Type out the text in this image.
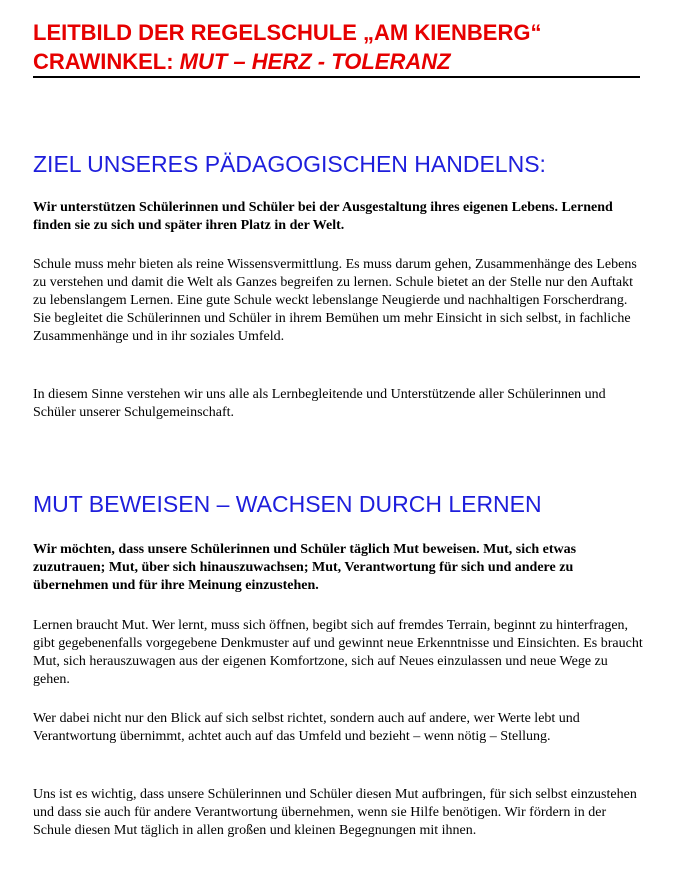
LEITBILD DER REGELSCHULE „AM KIENBERG“
CRAWINKEL: MUT – HERZ - TOLERANZ
ZIEL UNSERES PÄDAGOGISCHEN HANDELNS:
Wir unterstützen Schülerinnen und Schüler bei der Ausgestaltung ihres eigenen Lebens. Lernend finden sie zu sich und später ihren Platz in der Welt.
Schule muss mehr bieten als reine Wissensvermittlung. Es muss darum gehen, Zusammenhänge des Lebens zu verstehen und damit die Welt als Ganzes begreifen zu lernen. Schule bietet an der Stelle nur den Auftakt zu lebenslangem Lernen. Eine gute Schule weckt lebenslange Neugierde und nachhaltigen Forscherdrang. Sie begleitet die Schülerinnen und Schüler in ihrem Bemühen um mehr Einsicht in sich selbst, in fachliche Zusammenhänge und in ihr soziales Umfeld.
In diesem Sinne verstehen wir uns alle als Lernbegleitende und Unterstützende aller Schülerinnen und Schüler unserer Schulgemeinschaft.
MUT BEWEISEN – WACHSEN DURCH LERNEN
Wir möchten, dass unsere Schülerinnen und Schüler täglich Mut beweisen. Mut, sich etwas zuzutrauen; Mut, über sich hinauszuwachsen; Mut, Verantwortung für sich und andere zu übernehmen und für ihre Meinung einzustehen.
Lernen braucht Mut. Wer lernt, muss sich öffnen, begibt sich auf fremdes Terrain, beginnt zu hinterfragen, gibt gegebenenfalls vorgegebene Denkmuster auf und gewinnt neue Erkenntnisse und Einsichten. Es braucht Mut, sich herauszuwagen aus der eigenen Komfortzone, sich auf Neues einzulassen und neue Wege zu gehen.
Wer dabei nicht nur den Blick auf sich selbst richtet, sondern auch auf andere, wer Werte lebt und Verantwortung übernimmt, achtet auch auf das Umfeld und bezieht – wenn nötig – Stellung.
Uns ist es wichtig, dass unsere Schülerinnen und Schüler diesen Mut aufbringen, für sich selbst einzustehen und dass sie auch für andere Verantwortung übernehmen, wenn sie Hilfe benötigen. Wir fördern in der Schule diesen Mut täglich in allen großen und kleinen Begegnungen mit ihnen.
